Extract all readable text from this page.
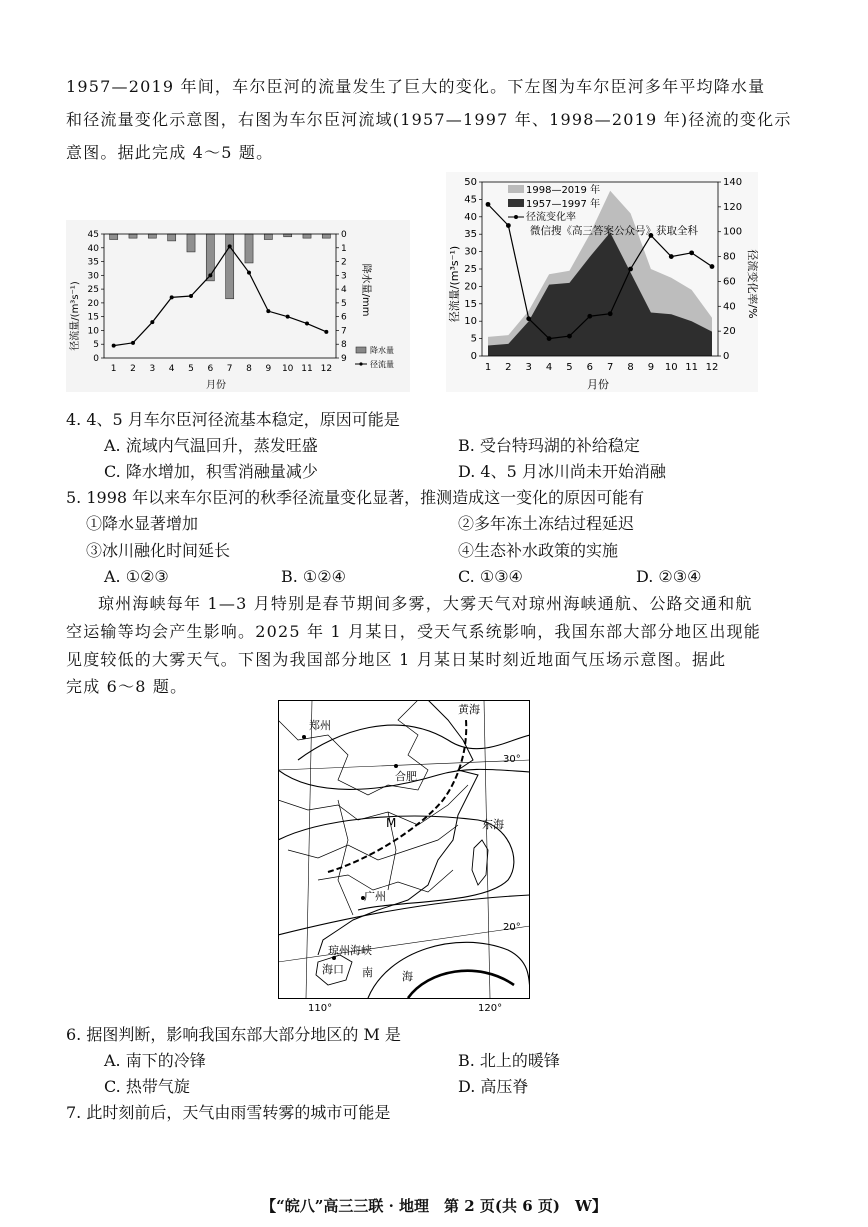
1957—2019 年间，车尔臣河的流量发生了巨大的变化。下左图为车尔臣河多年平均降水量
和径流量变化示意图，右图为车尔臣河流域(1957—1997 年、1998—2019 年)径流的变化示
意图。据此完成 4～5 题。
0
5
10
15
20
25
30
35
40
45	0
1
2
3
4
5
6
7
8
9
1 2 3 4 5 6 7 8 9 10 11 12
径流量/(m³s⁻¹)	降水量/mm
月份
降水量
径流量
0
5
10
15
20
25
30
35
40
45
50
0
20
40
60
80
100
120
140
1 2 3 4 5 6 7 8 9 10 11 12
径流量/(m³s⁻¹)	径流变化率/%
月份
1998—2019 年
1957—1997 年
径流变化率
微信搜《高三答案公众号》获取全科
4. 4、5 月车尔臣河径流基本稳定，原因可能是
A. 流域内气温回升，蒸发旺盛	B. 受台特玛湖的补给稳定
C. 降水增加，积雪消融量减少	D. 4、5 月冰川尚未开始消融
5. 1998 年以来车尔臣河的秋季径流量变化显著，推测造成这一变化的原因可能有
①降水显著增加	②多年冻土冻结过程延迟
③冰川融化时间延长	④生态补水政策的实施
A. ①②③	B. ①②④	C. ①③④	D. ②③④
琼州海峡每年 1—3 月特别是春节期间多雾，大雾天气对琼州海峡通航、公路交通和航
空运输等均会产生影响。2025 年 1 月某日，受天气系统影响，我国东部大部分地区出现能
见度较低的大雾天气。下图为我国部分地区 1 月某日某时刻近地面气压场示意图。据此
完成 6～8 题。
黄海
郑州
合肥
东海
M
广州
琼州海峡
海口 南	海
30°
20°
110°	120°
6. 据图判断，影响我国东部大部分地区的 M 是
A. 南下的冷锋	B. 北上的暖锋
C. 热带气旋	D. 高压脊
7. 此时刻前后，天气由雨雪转雾的城市可能是
【“皖八”高三三联 · 地理　第 2 页(共 6 页)　W】
